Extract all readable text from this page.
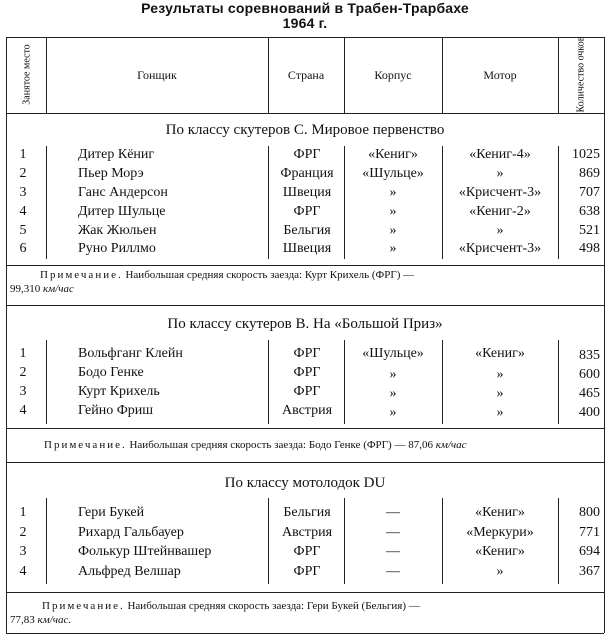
Результаты соревнований в Трабен-Трарбахе
1964 г.
Занятое место	Гонщик	Страна	Корпус	Мотор	Количество очков
По классу скутеров С. Мировое первенство
1	Дитер Кёниг	ФРГ	«Кениг»	«Кениг-4»	1025
2	Пьер Морэ	Франция	«Шульце»	»	869
3	Ганс Андерсон	Швеция	»	«Крисчент-3»	707
4	Дитер Шульце	ФРГ	»	«Кениг-2»	638
5	Жак Жюльен	Бельгия	»	»	521
6	Руно Риллмо	Швеция	»	«Крисчент-3»	498
Примечание. Наибольшая средняя скорость заезда: Курт Крихель (ФРГ) —
99,310 км/час
По классу скутеров В. На «Большой Приз»
1	Вольфганг Клейн	ФРГ	«Шульце»	«Кениг»	835
2	Бодо Генке	ФРГ	»	»	600
3	Курт Крихель	ФРГ	»	»	465
4	Гейно Фриш	Австрия	»	»	400
Примечание. Наибольшая средняя скорость заезда: Бодо Генке (ФРГ) — 87,06 км/час
По классу мотолодок DU
1	Гери Букей	Бельгия	—	«Кениг»	800
2	Рихард Гальбауер	Австрия	—	«Меркури»	771
3	Фолькур Штейнвашер	ФРГ	—	«Кениг»	694
4	Альфред Велшар	ФРГ	—	»	367
Примечание. Наибольшая средняя скорость заезда: Гери Букей (Бельгия) —
77,83 км/час.
